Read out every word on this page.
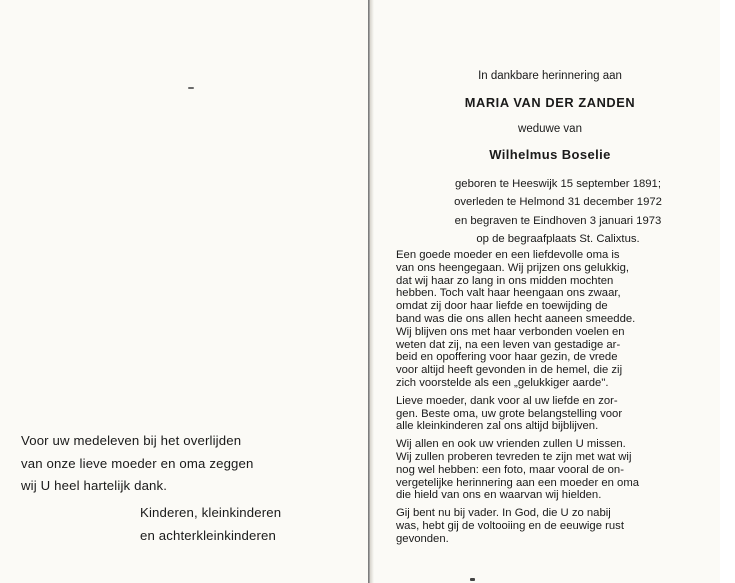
Voor uw medeleven bij het overlijden

van onze lieve moeder en oma zeggen

wij U heel hartelijk dank.

Kinderen, kleinkinderen

en achterkleinkinderen

In dankbare herinnering aan
MARIA VAN DER ZANDEN
weduwe van
Wilhelmus Boselie

geboren te Heeswijk 15 september 1891;

overleden te Helmond 31 december 1972

en begraven te Eindhoven 3 januari 1973

op de begraafplaats St. Calixtus.

Een goede moeder en een liefdevolle oma is
van ons heengegaan. Wij prijzen ons gelukkig,
dat wij haar zo lang in ons midden mochten
hebben. Toch valt haar heengaan ons zwaar,
omdat zij door haar liefde en toewijding de
band was die ons allen hecht aaneen smeedde.
Wij blijven ons met haar verbonden voelen en
weten dat zij, na een leven van gestadige ar-
beid en opoffering voor haar gezin, de vrede
voor altijd heeft gevonden in de hemel, die zij
zich voorstelde als een „gelukkiger aarde".

Lieve moeder, dank voor al uw liefde en zor-
gen. Beste oma, uw grote belangstelling voor
alle kleinkinderen zal ons altijd bijblijven.

Wij allen en ook uw vrienden zullen U missen.
Wij zullen proberen tevreden te zijn met wat wij
nog wel hebben: een foto, maar vooral de on-
vergetelijke herinnering aan een moeder en oma
die hield van ons en waarvan wij hielden.

Gij bent nu bij vader. In God, die U zo nabij
was, hebt gij de voltooiing en de eeuwige rust
gevonden.
